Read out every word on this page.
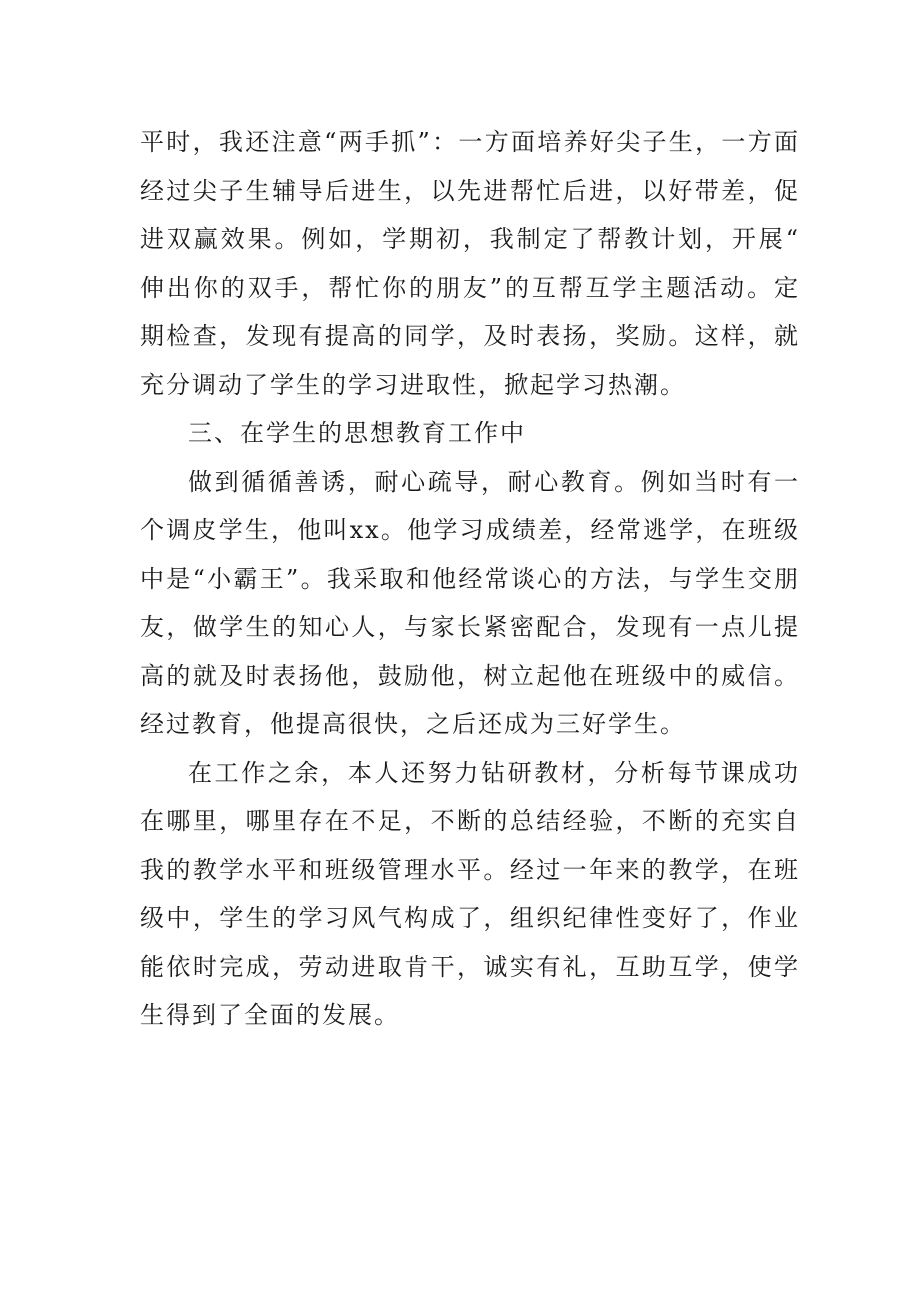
平时，我还注意“两手抓”：一方面培养好尖子生，一方面经过尖子生辅导后进生，以先进帮忙后进，以好带差，促进双赢效果。例如，学期初，我制定了帮教计划，开展“伸出你的双手，帮忙你的朋友”的互帮互学主题活动。定期检查，发现有提高的同学，及时表扬，奖励。这样，就充分调动了学生的学习进取性，掀起学习热潮。

三、在学生的思想教育工作中

做到循循善诱，耐心疏导，耐心教育。例如当时有一个调皮学生，他叫xx。他学习成绩差，经常逃学，在班级中是“小霸王”。我采取和他经常谈心的方法，与学生交朋友，做学生的知心人，与家长紧密配合，发现有一点儿提高的就及时表扬他，鼓励他，树立起他在班级中的威信。经过教育，他提高很快，之后还成为三好学生。

在工作之余，本人还努力钻研教材，分析每节课成功在哪里，哪里存在不足，不断的总结经验，不断的充实自我的教学水平和班级管理水平。经过一年来的教学，在班级中，学生的学习风气构成了，组织纪律性变好了，作业能依时完成，劳动进取肯干，诚实有礼，互助互学，使学生得到了全面的发展。
